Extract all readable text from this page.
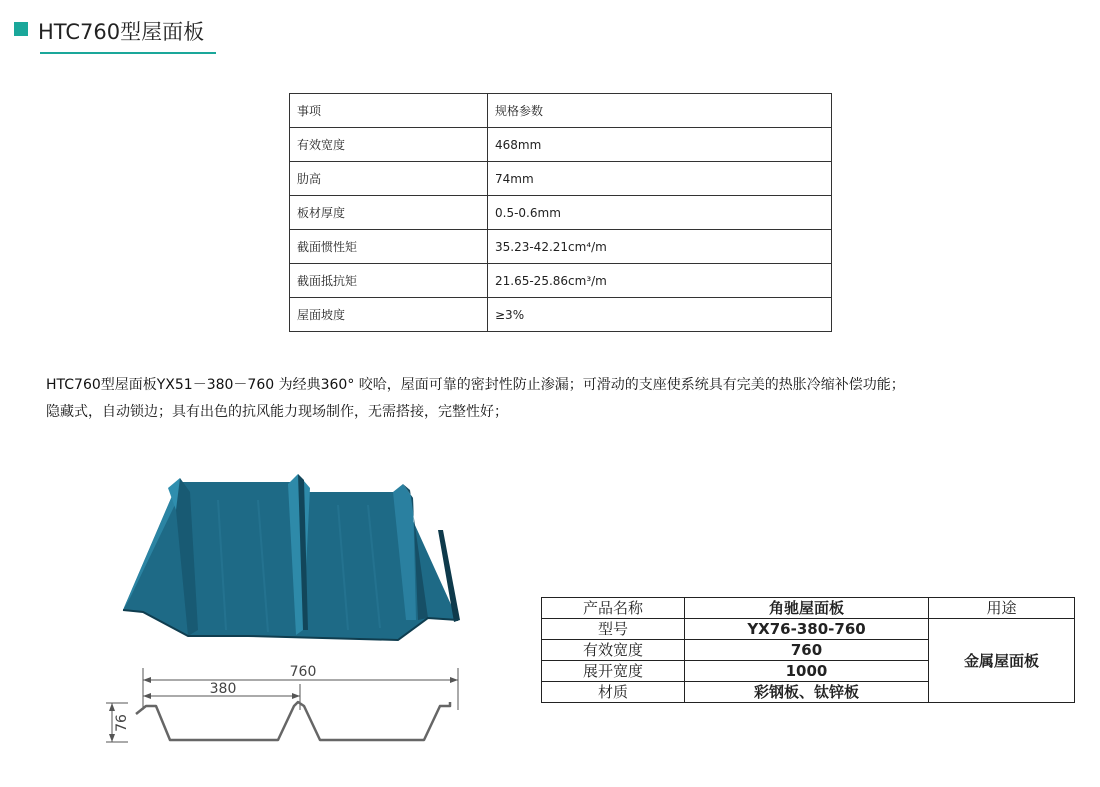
HTC760型屋面板
事项	规格参数
有效宽度	468mm
肋高	74mm
板材厚度	0.5-0.6mm
截面惯性矩	35.23-42.21cm⁴/m
截面抵抗矩	21.65-25.86cm³/m
屋面坡度	≥3%
HTC760型屋面板YX51－380－760 为经典360° 咬哈，屋面可靠的密封性防止渗漏；可滑动的支座使系统具有完美的热胀冷缩补偿功能；
隐藏式，自动锁边；具有出色的抗风能力现场制作，无需搭接，完整性好；
760
380
76
产品名称	角驰屋面板	用途
型号	YX76-380-760	金属屋面板
有效宽度	760	
展开宽度	1000	
材质	彩钢板、钛锌板	
